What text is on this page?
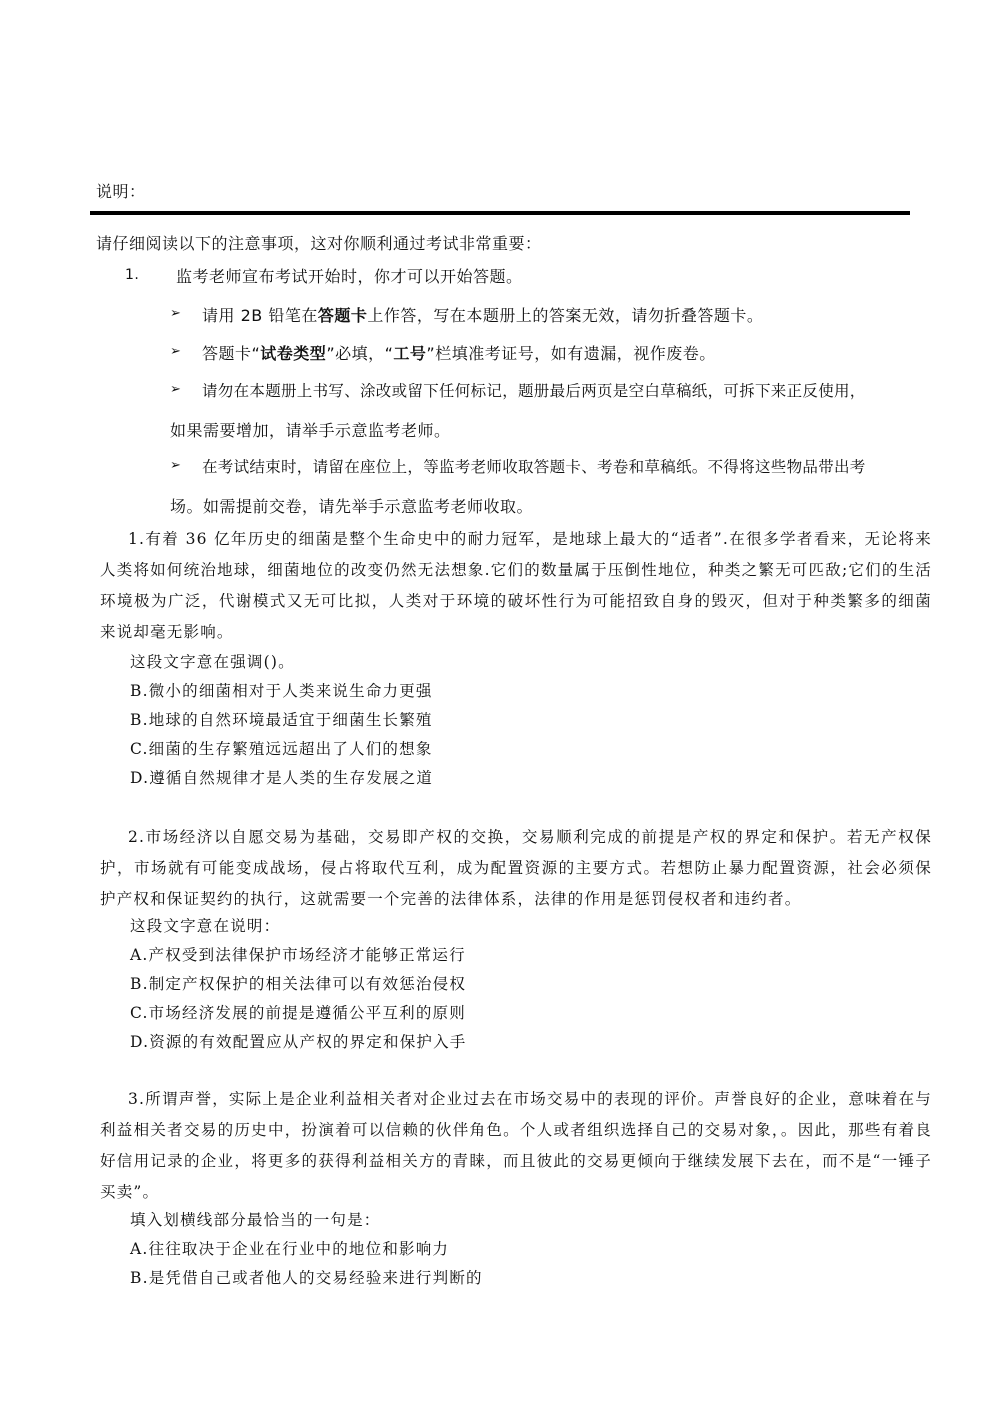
说明：
请仔细阅读以下的注意事项，这对你顺利通过考试非常重要：
1. 监考老师宣布考试开始时，你才可以开始答题。
➢ 请用 2B 铅笔在答题卡上作答，写在本题册上的答案无效，请勿折叠答题卡。
➢ 答题卡“试卷类型”必填，“工号”栏填准考证号，如有遗漏，视作废卷。
➢ 请勿在本题册上书写、涂改或留下任何标记，题册最后两页是空白草稿纸，可拆下来正反使用，
如果需要增加，请举手示意监考老师。
➢ 在考试结束时，请留在座位上，等监考老师收取答题卡、考卷和草稿纸。不得将这些物品带出考
场。如需提前交卷，请先举手示意监考老师收取。
1.有着 36 亿年历史的细菌是整个生命史中的耐力冠军，是地球上最大的“适者”.在很多学者看来，无论将来人类将如何统治地球，细菌地位的改变仍然无法想象.它们的数量属于压倒性地位，种类之繁无可匹敌;它们的生活环境极为广泛，代谢模式又无可比拟，人类对于环境的破坏性行为可能招致自身的毁灭，但对于种类繁多的细菌来说却毫无影响。
这段文字意在强调()。
B.微小的细菌相对于人类来说生命力更强
B.地球的自然环境最适宜于细菌生长繁殖
C.细菌的生存繁殖远远超出了人们的想象
D.遵循自然规律才是人类的生存发展之道
2.市场经济以自愿交易为基础，交易即产权的交换，交易顺利完成的前提是产权的界定和保护。若无产权保护，市场就有可能变成战场，侵占将取代互利，成为配置资源的主要方式。若想防止暴力配置资源，社会必须保护产权和保证契约的执行，这就需要一个完善的法律体系，法律的作用是惩罚侵权者和违约者。
这段文字意在说明：
A.产权受到法律保护市场经济才能够正常运行
B.制定产权保护的相关法律可以有效惩治侵权
C.市场经济发展的前提是遵循公平互利的原则
D.资源的有效配置应从产权的界定和保护入手
3.所谓声誉，实际上是企业利益相关者对企业过去在市场交易中的表现的评价。声誉良好的企业，意味着在与利益相关者交易的历史中，扮演着可以信赖的伙伴角色。个人或者组织选择自己的交易对象，。因此，那些有着良好信用记录的企业，将更多的获得利益相关方的青睐，而且彼此的交易更倾向于继续发展下去在，而不是“一锤子买卖”。
填入划横线部分最恰当的一句是：
A.往往取决于企业在行业中的地位和影响力
B.是凭借自己或者他人的交易经验来进行判断的
